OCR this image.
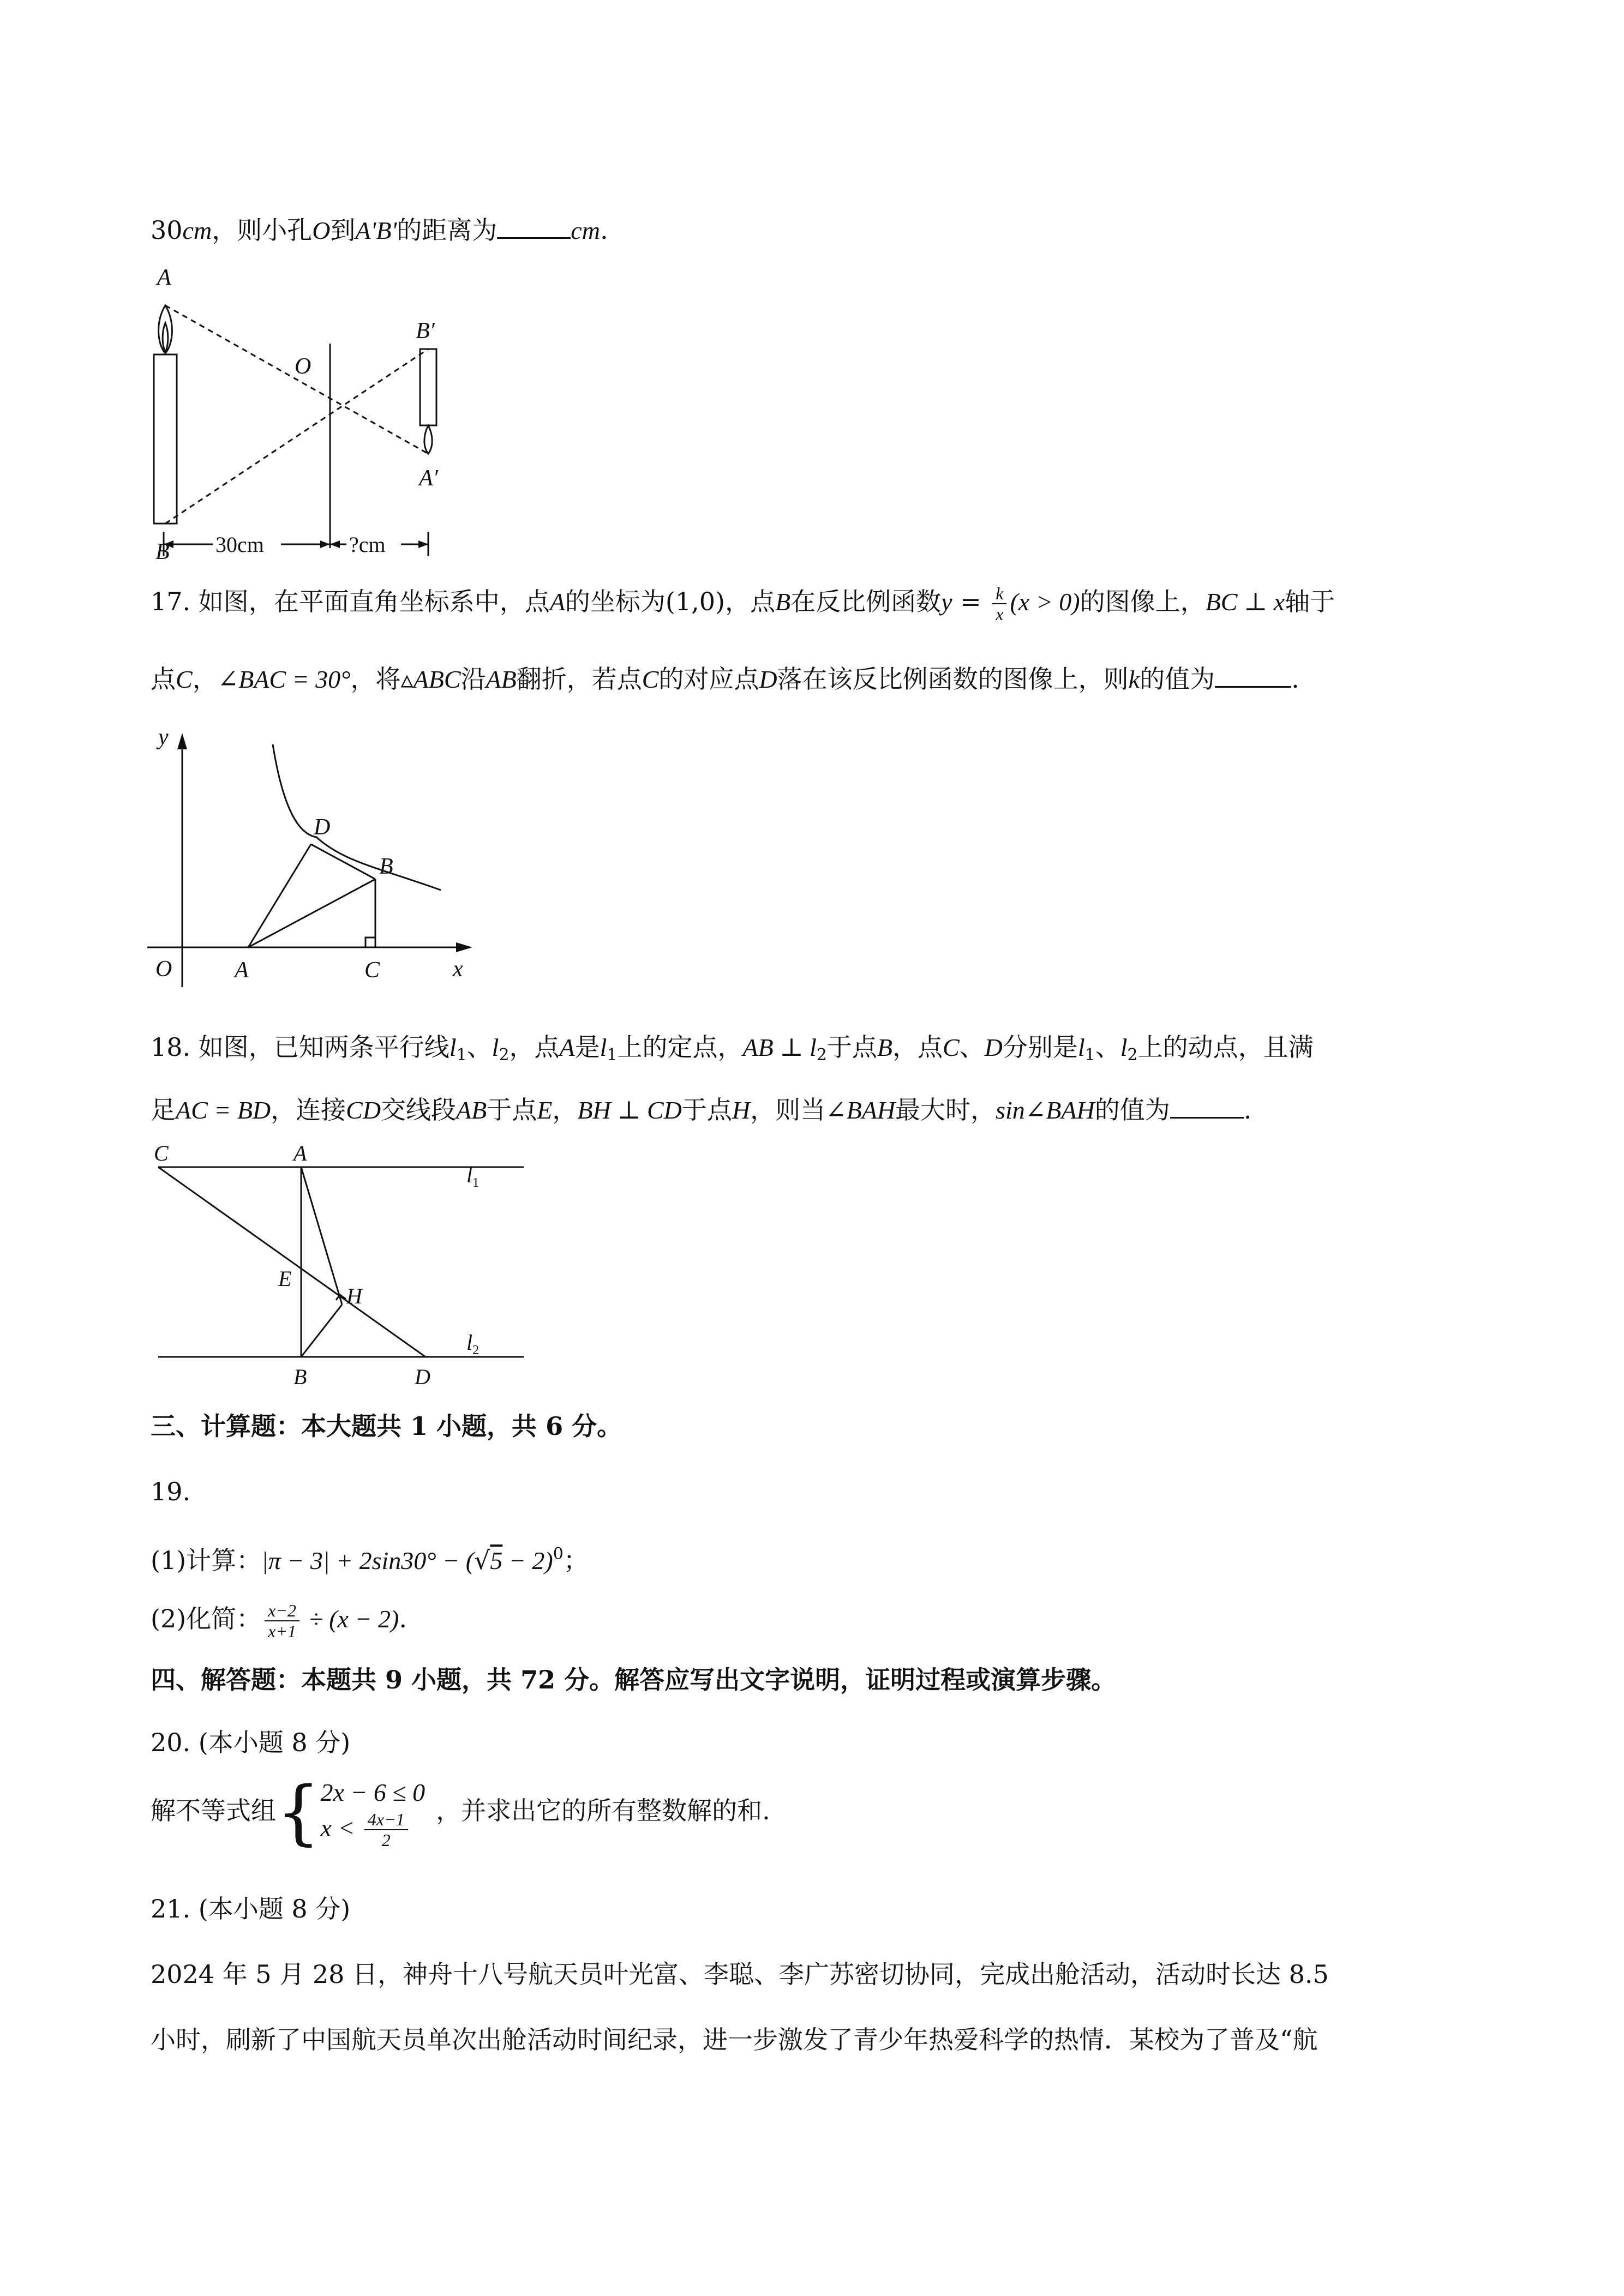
30cm，则小孔O到A'B'的距离为	cm.
A
B
O
B′
A′
30cm	?cm
17. 如图，在平面直角坐标系中，点A的坐标为(1,0)，点B在反比例函数$y = \frac{k}{x} (x > 0)$的图像上，BC ⊥ x轴于
点C，∠BAC = 30°，将▵ABC沿AB翻折，若点C的对应点D落在该反比例函数的图像上，则k的值为	.
y
x
O	A	C
B
D
18. 如图，已知两条平行线$l_1$、$l_2$，点A是$l_1$上的定点，AB ⊥ $l_2$于点B，点C、D分别是$l_1$、$l_2$上的动点，且满
足AC = BD，连接CD交线段AB于点E，BH ⊥ CD于点H，则当∠BAH最大时，sin∠BAH的值为	.
C	A
E
H
B	D
$l_1$
$l_2$
三、计算题：本大题共 1 小题，共 6 分。
19.
(1)计算：$|\pi - 3| + 2\sin 30^\circ - (√5 - 2)^0$；
(2)化简： $\frac{x-2}{x+1} \div (x - 2)$.
四、解答题：本题共 9 小题，共 72 分。解答应写出文字说明，证明过程或演算步骤。
20. (本小题 8 分)
解不等式组{ 2x − 6 ≤ 0
$x < \frac{4x-1}{2}$ ，并求出它的所有整数解的和.
21. (本小题 8 分)
2024 年 5 月 28 日，神舟十八号航天员叶光富、李聪、李广苏密切协同，完成出舱活动，活动时长达 8.5
小时，刷新了中国航天员单次出舱活动时间纪录，进一步激发了青少年热爱科学的热情．某校为了普及“航
